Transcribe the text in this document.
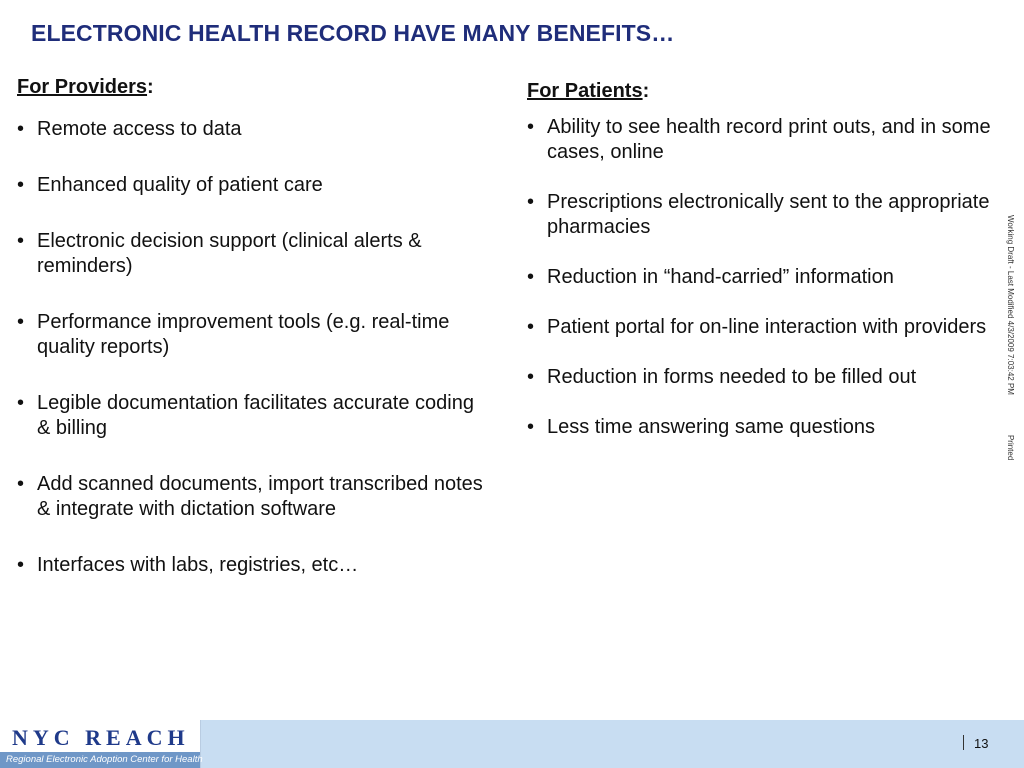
ELECTRONIC HEALTH RECORD HAVE MANY BENEFITS…
For Providers:
• Remote access to data
• Enhanced quality of patient care
• Electronic decision support (clinical alerts & reminders)
• Performance improvement tools (e.g. real-time quality reports)
• Legible documentation facilitates accurate coding & billing
• Add scanned documents, import transcribed notes & integrate with dictation software
• Interfaces with labs, registries, etc…
For Patients:
• Ability to see health record print outs, and in some cases, online
• Prescriptions electronically sent to the appropriate pharmacies
• Reduction in “hand-carried” information
• Patient portal for on-line interaction with providers
• Reduction in forms needed to be filled out
• Less time answering same questions
Working Draft - Last Modified 4/3/2009 7:03:42 PMPrinted
NYC REACH
Regional Electronic Adoption Center for Health
13
